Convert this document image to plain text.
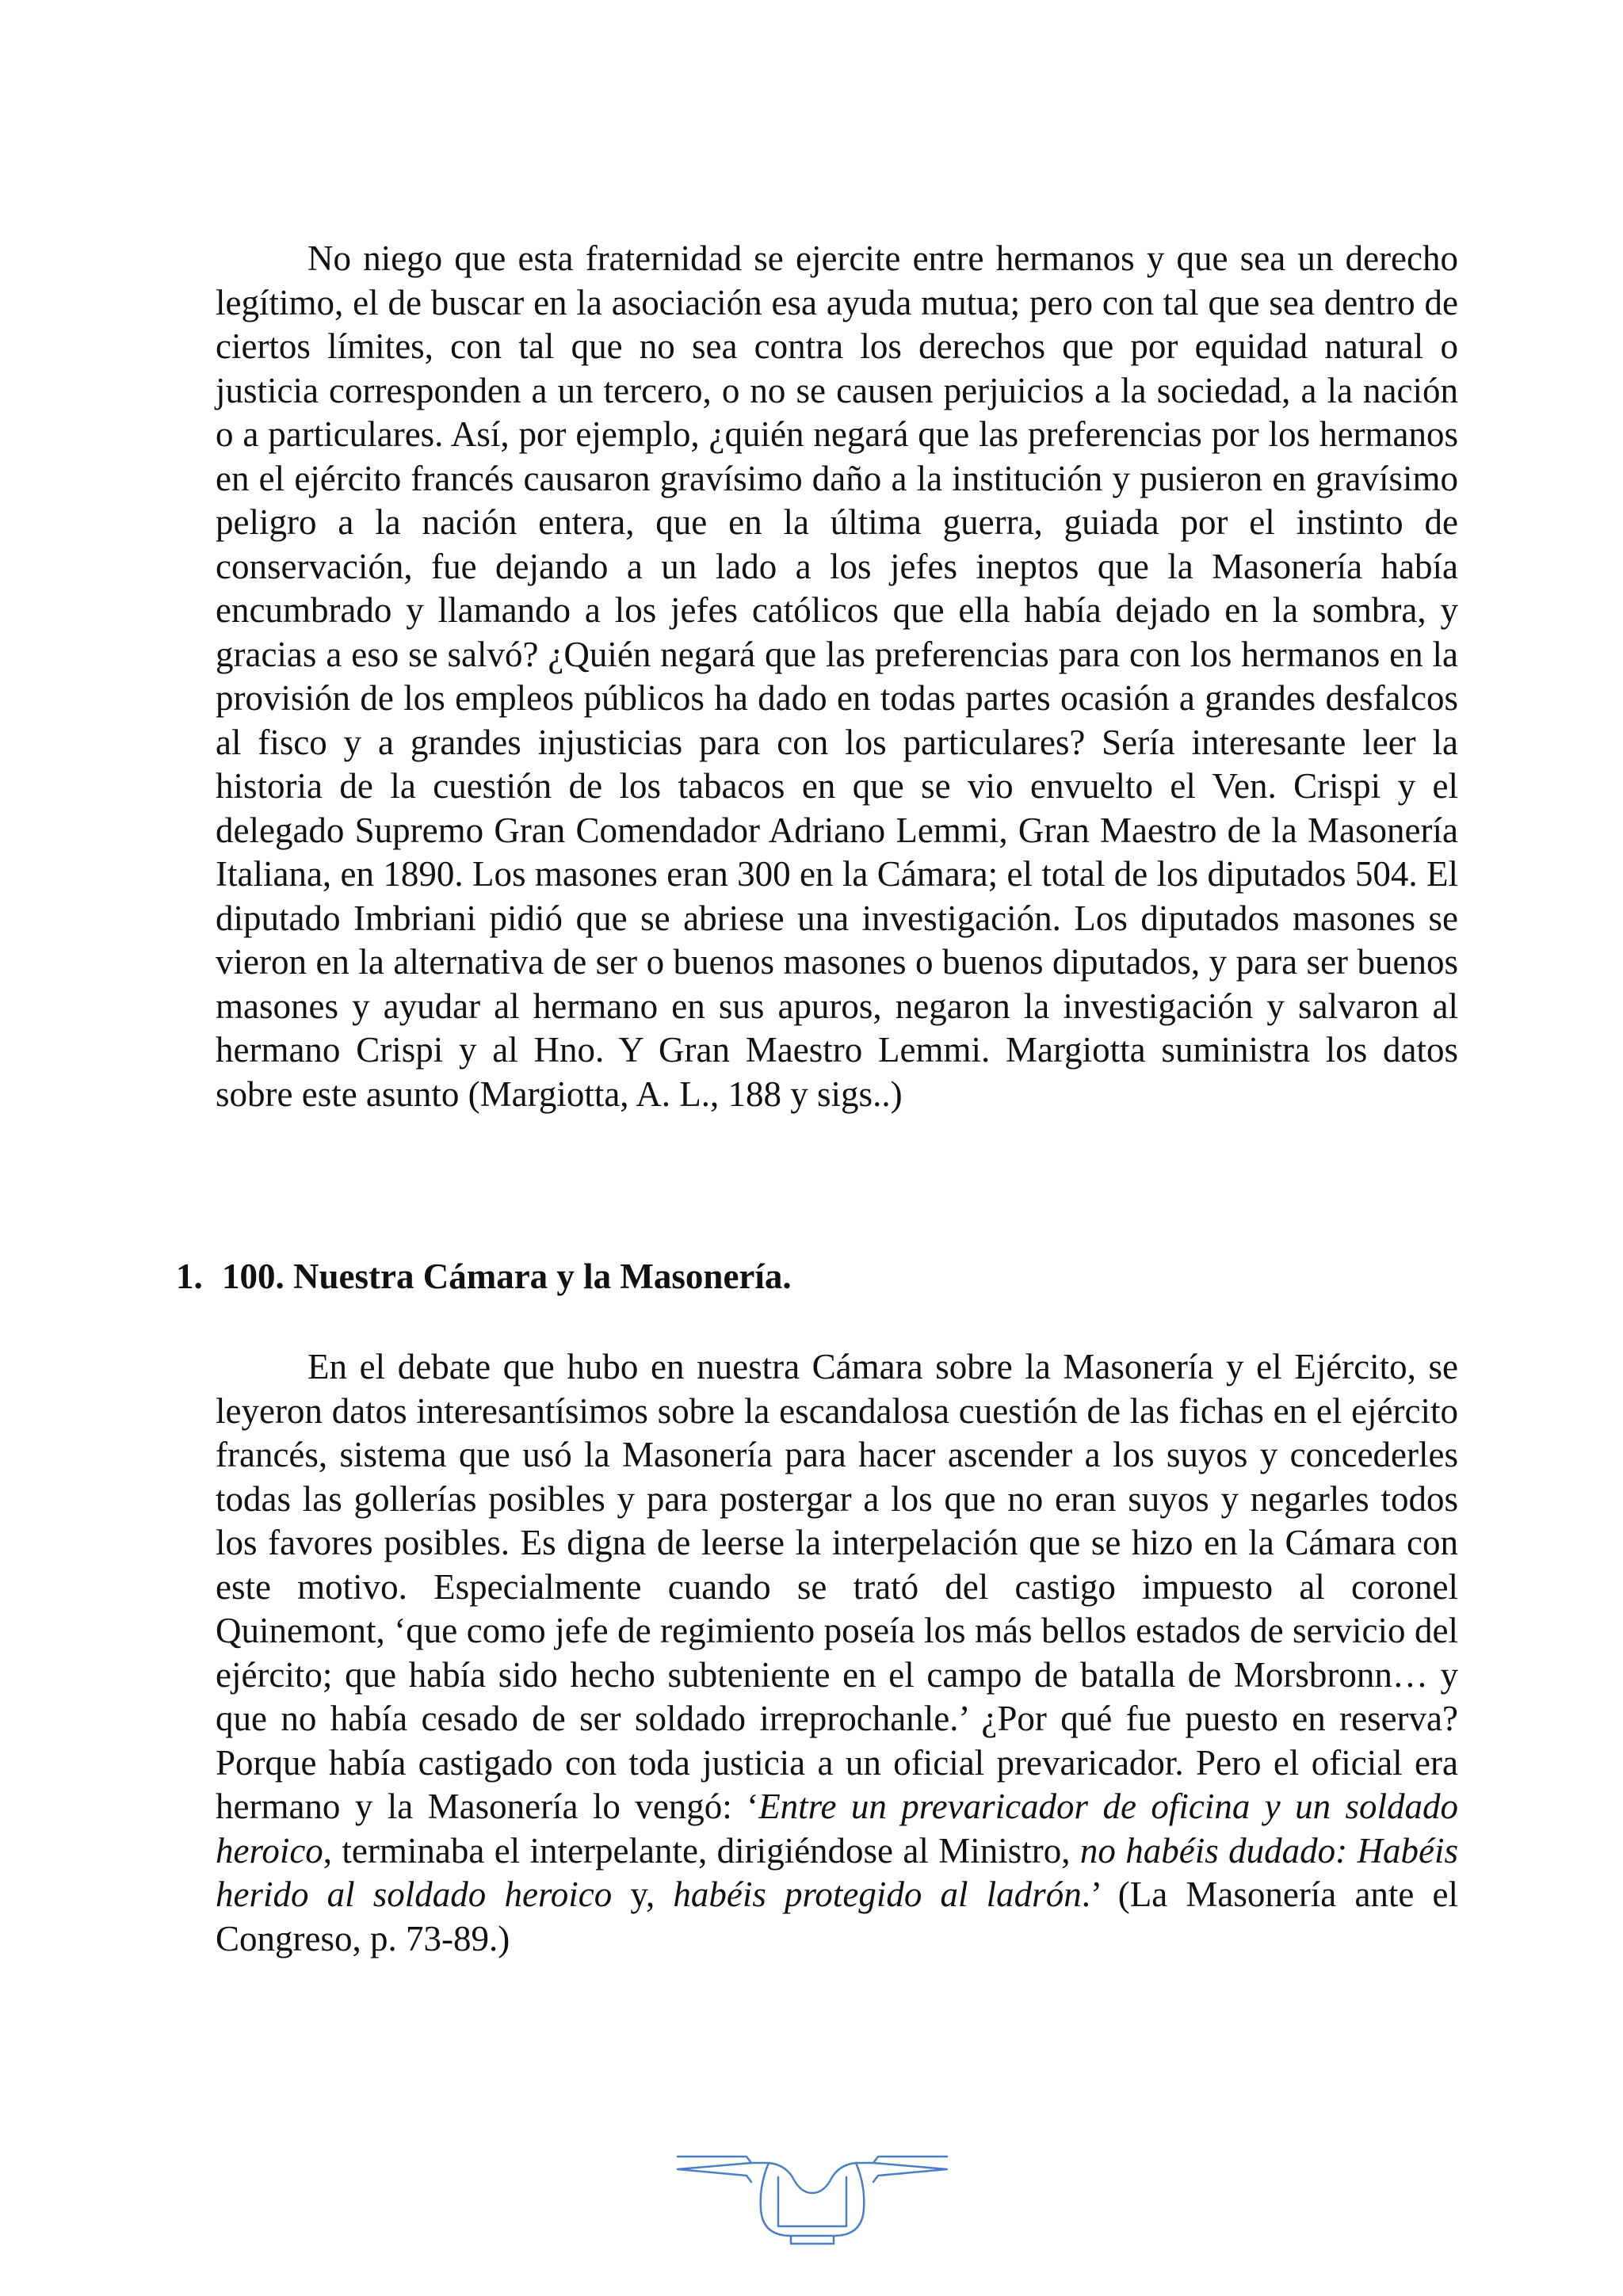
No niego que esta fraternidad se ejercite entre hermanos y que sea un derecho legítimo, el de buscar en la asociación esa ayuda mutua; pero con tal que sea dentro de ciertos límites, con tal que no sea contra los derechos que por equidad natural o justicia corresponden a un tercero, o no se causen perjuicios a la sociedad, a la nación o a particulares. Así, por ejemplo, ¿quién negará que las preferencias por los hermanos en el ejército francés causaron gravísimo daño a la institución y pusieron en gravísimo peligro a la nación entera, que en la última guerra, guiada por el instinto de conservación, fue dejando a un lado a los jefes ineptos que la Masonería había encumbrado y llamando a los jefes católicos que ella había dejado en la sombra, y gracias a eso se salvó? ¿Quién negará que las preferencias para con los hermanos en la provisión de los empleos públicos ha dado en todas partes ocasión a grandes desfalcos al fisco y a grandes injusticias para con los particulares? Sería interesante leer la historia de la cuestión de los tabacos en que se vio envuelto el Ven. Crispi y el delegado Supremo Gran Comendador Adriano Lemmi, Gran Maestro de la Masonería Italiana, en 1890. Los masones eran 300 en la Cámara; el total de los diputados 504. El diputado Imbriani pidió que se abriese una investigación. Los diputados masones se vieron en la alternativa de ser o buenos masones o buenos diputados, y para ser buenos masones y ayudar al hermano en sus apuros, negaron la investigación y salvaron al hermano Crispi y al Hno. Y Gran Maestro Lemmi. Margiotta suministra los datos sobre este asunto (Margiotta, A. L., 188 y sigs..)

1. 100. Nuestra Cámara y la Masonería.

En el debate que hubo en nuestra Cámara sobre la Masonería y el Ejército, se leyeron datos interesantísimos sobre la escandalosa cuestión de las fichas en el ejército francés, sistema que usó la Masonería para hacer ascender a los suyos y concederles todas las gollerías posibles y para postergar a los que no eran suyos y negarles todos los favores posibles. Es digna de leerse la interpelación que se hizo en la Cámara con este motivo. Especialmente cuando se trató del castigo impuesto al coronel Quinemont, ‘que como jefe de regimiento poseía los más bellos estados de servicio del ejército; que había sido hecho subteniente en el campo de batalla de Morsbronn… y que no había cesado de ser soldado irreprochanle.’ ¿Por qué fue puesto en reserva? Porque había castigado con toda justicia a un oficial prevaricador. Pero el oficial era hermano y la Masonería lo vengó: ‘Entre un prevaricador de oficina y un soldado heroico, terminaba el interpelante, dirigiéndose al Ministro, no habéis dudado: Habéis herido al soldado heroico y, habéis protegido al ladrón.’ (La Masonería ante el Congreso, p. 73-89.)
